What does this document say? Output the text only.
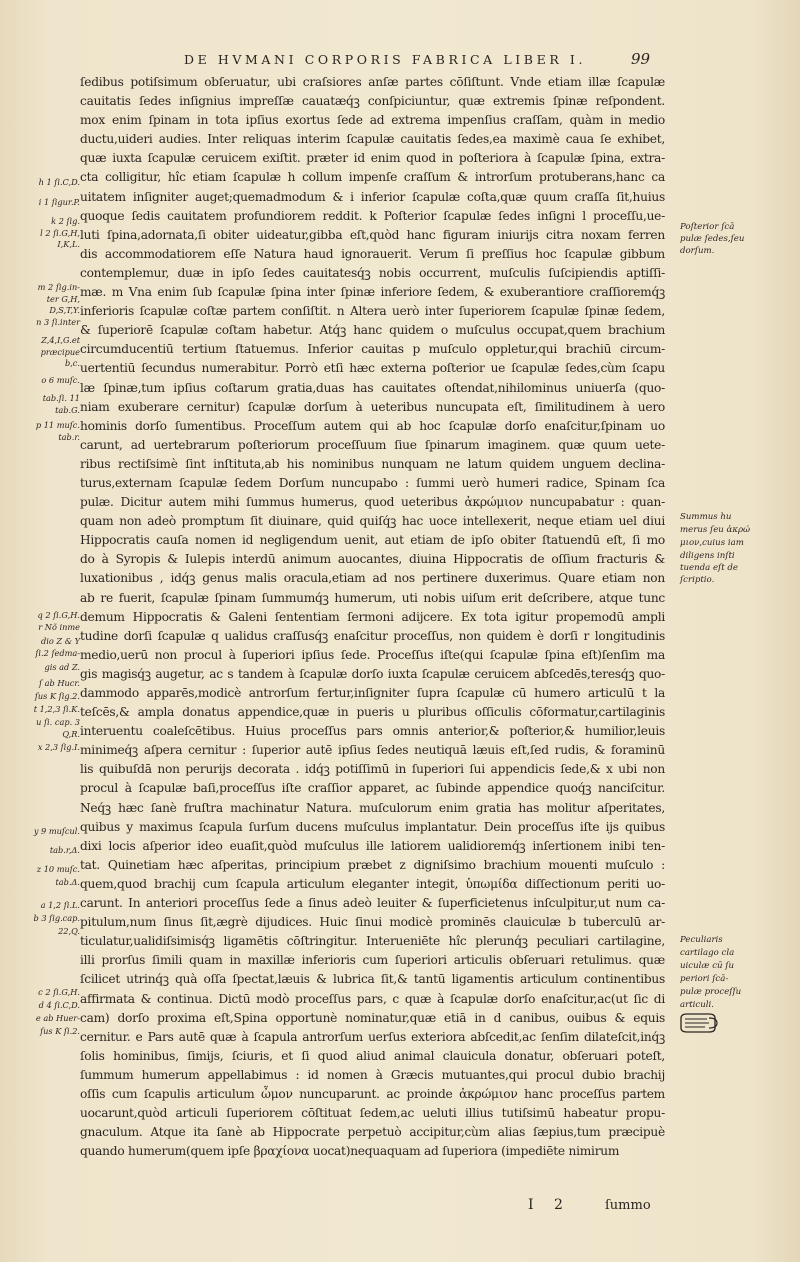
DE HVMANI CORPORIS FABRICA LIBER I.	99
ſedibus potiſsimum obſeruatur, ubi craſsiores anſæ partes cōſiſtunt. Vnde etiam illæ ſcapulæ
cauitatis ſedes inſignius impreſſæ cauatæq́ꝫ conſpiciuntur, quæ extremis ſpinæ reſpondent.
mox enim ſpinam in tota ipſius exortus ſede ad extrema impenſius craſſam, quàm in medio
ductu,uideri audies. Inter reliquas interim ſcapulæ cauitatis ſedes,ea maximè caua ſe exhibet,
quæ iuxta ſcapulæ ceruicem exiſtit. præter id enim quod in poſteriora à ſcapulæ ſpina, extra-
cta colligitur, hîc etiam ſcapulæ h collum impenſe craſſum & introrſum protuberans,hanc ca
uitatem inſigniter auget;quemadmodum & i inferior ſcapulæ coſta,quæ quum craſſa ſit,huius
quoque ſedis cauitatem profundiorem reddit. k Poſterior ſcapulæ ſedes inſigni l proceſſu,ue-
luti ſpina,adornata,ſi obiter uideatur,gibba eſt,quòd hanc figuram iniurijs citra noxam ferren
dis accommodatiorem eſſe Natura haud ignorauerit. Verum ſi preſſius hoc ſcapulæ gibbum
contemplemur, duæ in ipſo ſedes cauitatesq́ꝫ nobis occurrent, muſculis ſuſcipiendis aptiſſi-
mæ. m Vna enim ſub ſcapulæ ſpina inter ſpinæ inferiore ſedem, & exuberantiore craſſioremq́ꝫ
inferioris ſcapulæ coſtæ partem conſiſtit. n Altera uerò inter ſuperiorem ſcapulæ ſpinæ ſedem,
& ſuperiorē ſcapulæ coſtam habetur. Atq́ꝫ hanc quidem o muſculus occupat,quem brachium
circumducentiū tertium ſtatuemus. Inferior cauitas p muſculo oppletur,qui brachiū circum-
uertentiū ſecundus numerabitur. Porrò etſi hæc externa poſterior ue ſcapulæ ſedes,cùm ſcapu
læ ſpinæ,tum ipſius coſtarum gratia,duas has cauitates oſtendat,nihilominus uniuerſa (quo-
niam exuberare cernitur) ſcapulæ dorſum à ueteribus nuncupata eſt, ſimilitudinem à uero
hominis dorſo ſumentibus. Proceſſum autem qui ab hoc ſcapulæ dorſo enaſcitur,ſpinam uo
carunt, ad uertebrarum poſteriorum proceſſuum ſiue ſpinarum imaginem. quæ quum uete-
ribus rectiſsimè ſint inſtituta,ab his nominibus nunquam ne latum quidem unguem declina-
turus,externam ſcapulæ ſedem Dorſum nuncupabo : ſummi uerò humeri radice, Spinam ſca
pulæ. Dicitur autem mihi ſummus humerus, quod ueteribus ἀκρώμιον nuncupabatur : quan-
quam non adeò promptum ſit diuinare, quid quiſq́ꝫ hac uoce intellexerit, neque etiam uel diui
Hippocratis cauſa nomen id negligendum uenit, aut etiam de ipſo obiter ſtatuendū eſt, ſi mo
do à Syropis & Iulepis interdū animum auocantes, diuina Hippocratis de oſſium fracturis &
luxationibus , idq́ꝫ genus malis oracula,etiam ad nos pertinere duxerimus. Quare etiam non
ab re fuerit, ſcapulæ ſpinam ſummumq́ꝫ humerum, uti nobis uiſum erit deſcribere, atque tunc
demum Hippocratis & Galeni ſententiam ſermoni adijcere. Ex tota igitur propemodū ampli
tudine dorſi ſcapulæ q ualidus craſſusq́ꝫ enaſcitur proceſſus, non quidem è dorſi r longitudinis
medio,uerū non procul à ſuperiori ipſius ſede. Proceſſus iſte(qui ſcapulæ ſpina eſt)ſenſim ma
gis magisq́ꝫ augetur, ac s tandem à ſcapulæ dorſo iuxta ſcapulæ ceruicem abſcedēs,teresq́ꝫ quo-
dammodo apparēs,modicè antrorſum fertur,inſigniter ſupra ſcapulæ cū humero articulū t la
teſcēs,& ampla donatus appendice,quæ in pueris u pluribus oſſiculis cōformatur,cartilaginis
interuentu coaleſcētibus. Huius proceſſus pars omnis anterior,& poſterior,& humilior,leuis
minimeq́ꝫ aſpera cernitur : ſuperior autē ipſius ſedes neutiquā læuis eſt,ſed rudis, & foraminū
lis quibuſdā non perurijs decorata . idq́ꝫ potiſſimū in ſuperiori ſui appendicis ſede,& x ubi non
procul à ſcapulæ baſi,proceſſus iſte craſſior apparet, ac ſubinde appendice quoq́ꝫ nanciſcitur.
Neq́ꝫ hæc ſanè fruſtra machinatur Natura. muſculorum enim gratia has molitur aſperitates,
quibus y maximus ſcapula ſurſum ducens muſculus implantatur. Dein proceſſus iſte ijs quibus
dixi locis aſperior ideo euaſit,quòd muſculus ille latiorem ualidioremq́ꝫ inſertionem inibi ten-
tat. Quinetiam hæc aſperitas, principium præbet z digniſsimo brachium mouenti muſculo :
quem,quod brachij cum ſcapula articulum eleganter integit, ὑπωμίδα diſſectionum periti uo-
carunt. In anteriori proceſſus ſede a ſinus adeò leuiter & ſuperficietenus inſculpitur,ut num ca-
pitulum,num ſinus ſit,ægrè dijudices. Huic ſinui modicè prominēs clauiculæ b tuberculū ar-
ticulatur,ualidiſsimisq́ꝫ ligamētis cōſtringitur. Interueniēte hîc plerunq́ꝫ peculiari cartilagine,
illi prorſus ſimili quam in maxillæ inferioris cum ſuperiori articulis obſeruari retulimus. quæ
ſcilicet utrinq́ꝫ quà oſſa ſpectat,læuis & lubrica ſit,& tantū ligamentis articulum continentibus
affirmata & continua. Dictū modò proceſſus pars, c quæ à ſcapulæ dorſo enaſcitur,ac(ut ſic di
cam) dorſo proxima eſt,Spina opportunè nominatur,quæ etiā in d canibus, ouibus & equis
cernitur. e Pars autē quæ à ſcapula antrorſum uerſus exteriora abſcedit,ac ſenſim dilateſcit,inq́ꝫ
ſolis hominibus, ſimijs, ſciuris, et ſi quod aliud animal clauicula donatur, obſeruari poteſt,
ſummum humerum appellabimus : id nomen à Græcis mutuantes,qui procul dubio brachij
oſſis cum ſcapulis articulum ὦμον nuncuparunt. ac proinde ἀκρώμιον hanc proceſſus partem
uocarunt,quòd articuli ſuperiorem cōſtituat ſedem,ac ueluti illius tutiſsimū habeatur propu-
gnaculum. Atque ita ſanè ab Hippocrate perpetuò accipitur,cùm alias ſæpius,tum præcipuè
quando humerum(quem ipſe βραχίονα uocat)nequaquam ad ſuperiora (impediēte nimirum
h 1 ſi.C,D.
i 1 ſigur.P.
k 2 ſig.
l 2 ſi.G,H,
I,K,L.
m 2 ſig.in-
ter G,H,
D,S,T,Y.
n 3 ſi.inter
Z,4,I,G.et
præcipue
b,c.
o 6 muſc.
tab.ſi. 11
tab.G.
p 11 muſc.
tab.r.
q 2 ſi.G,H.
r Nõ inme
dio Z & Y
ſi.2 ſedma-
gis ad Z.
ſ ab Hucr.
ſus K ſig.2.
t 1,2,3 ſi.K.
u ſi. cap. 3
Q,R.
x 2,3 ſig.I.
y 9 muſcul.
tab.r,Δ.
z 10 muſc.
tab.Δ.
a 1,2 ſi.L.
b 3 ſig.cap.
22,Q.
c 2 ſi.G,H.
d 4 ſi.C,D.
e ab Huer-
ſus K ſi.2.
Poſterior ſcā
pulæ ſedes,ſeu
dorſum.
Summus hu
merus ſeu ἀκρώ
μιον,cuius iam
diligens inſti
tuenda eſt de
ſcriptio.
Peculiaris
cartilago cla
uiculæ cū ſu
periori ſcā-
pulæ proceſſu
articuli.
I 2	ſummo
